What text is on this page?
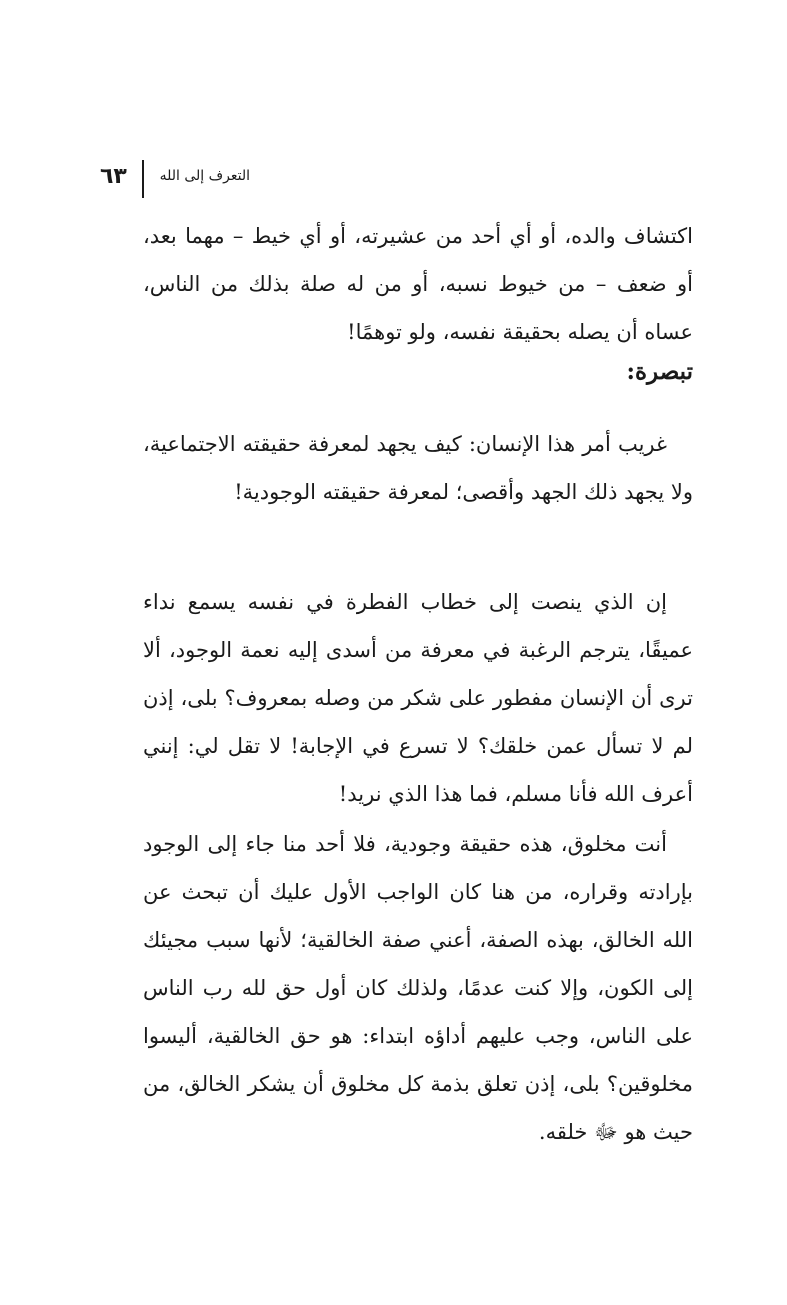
٦٣ التعرف إلى الله

اكتشاف والده، أو أي أحد من عشيرته، أو أي خيط – مهما بعد، أو ضعف – من خيوط نسبه، أو من له صلة بذلك من الناس، عساه أن يصله بحقيقة نفسه، ولو توهمًا!

تبصرة:

غريب أمر هذا الإنسان: كيف يجهد لمعرفة حقيقته الاجتماعية، ولا يجهد ذلك الجهد وأقصى؛ لمعرفة حقيقته الوجودية!

إن الذي ينصت إلى خطاب الفطرة في نفسه يسمع نداء عميقًا، يترجم الرغبة في معرفة من أسدى إليه نعمة الوجود، ألا ترى أن الإنسان مفطور على شكر من وصله بمعروف؟ بلى، إذن لم لا تسأل عمن خلقك؟ لا تسرع في الإجابة! لا تقل لي: إنني أعرف الله فأنا مسلم، فما هذا الذي نريد!

أنت مخلوق، هذه حقيقة وجودية، فلا أحد منا جاء إلى الوجود بإرادته وقراره، من هنا كان الواجب الأول عليك أن تبحث عن الله الخالق، بهذه الصفة، أعني صفة الخالقية؛ لأنها سبب مجيئك إلى الكون، وإلا كنت عدمًا، ولذلك كان أول حق لله رب الناس على الناس، وجب عليهم أداؤه ابتداء: هو حق الخالقية، أليسوا مخلوقين؟ بلى، إذن تعلق بذمة كل مخلوق أن يشكر الخالق، من حيث هو ﷻ خلقه.
